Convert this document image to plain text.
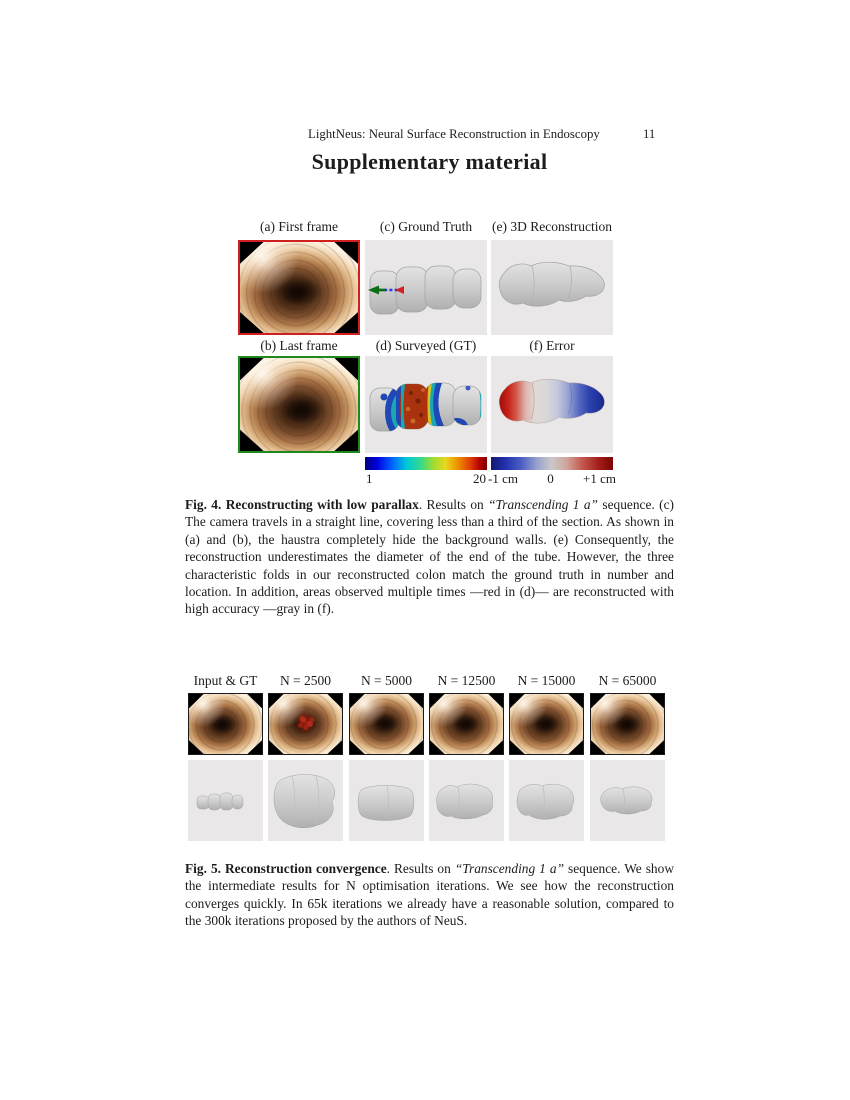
LightNeus: Neural Surface Reconstruction in Endoscopy	11
Supplementary material
(a) First frame	(c) Ground Truth	(e) 3D Reconstruction
(b) Last frame	(d) Surveyed (GT)	(f) Error
1	20 -1 cm 0 +1 cm

Fig. 4. Reconstructing with low parallax. Results on “Transcending 1 a” sequence. (c) The camera travels in a straight line, covering less than a third of the section. As shown in (a) and (b), the haustra completely hide the background walls. (e) Consequently, the reconstruction underestimates the diameter of the end of the tube. However, the three characteristic folds in our reconstructed colon match the ground truth in number and location. In addition, areas observed multiple times —red in (d)— are reconstructed with high accuracy —gray in (f).

Input & GT	N = 2500	N = 5000	N = 12500	N = 15000	N = 65000

Fig. 5. Reconstruction convergence. Results on “Transcending 1 a” sequence. We show the intermediate results for N optimisation iterations. We see how the reconstruction converges quickly. In 65k iterations we already have a reasonable solution, compared to the 300k iterations proposed by the authors of NeuS.
